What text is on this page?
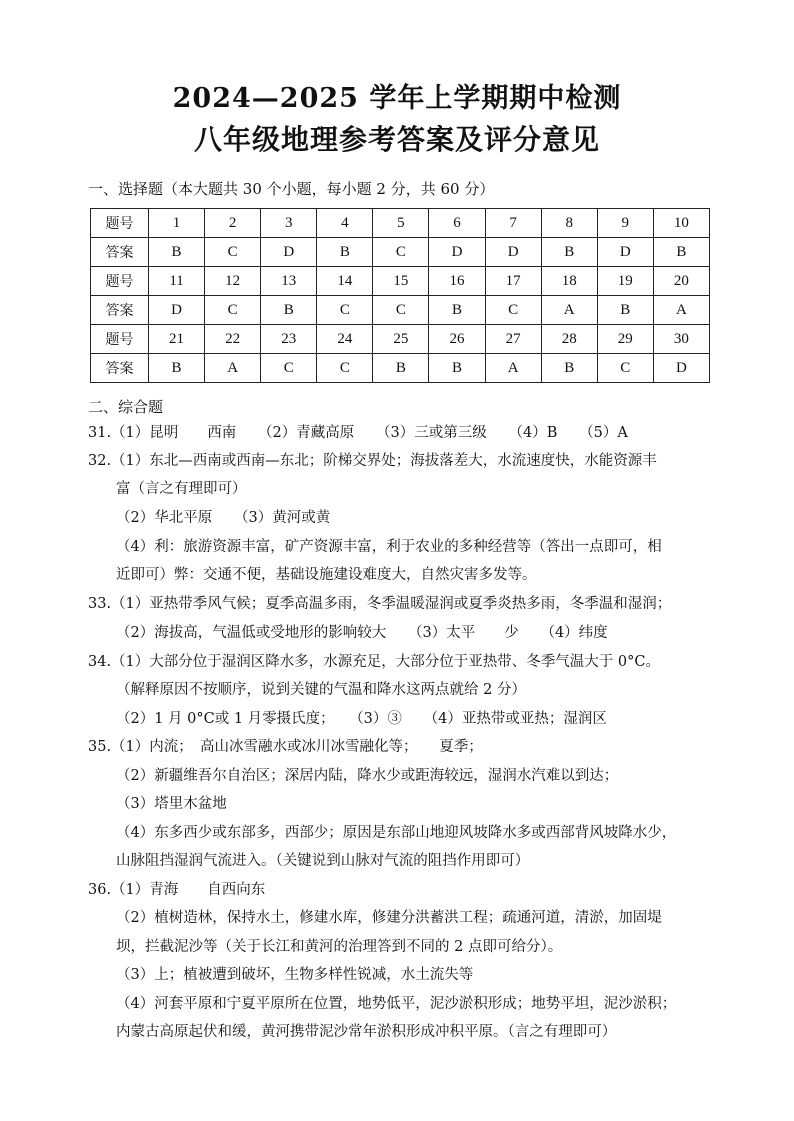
2024—2025 学年上学期期中检测
八年级地理参考答案及评分意见
一、选择题（本大题共 30 个小题，每小题 2 分，共 60 分）
题号	1	2	3	4	5	6	7	8	9	10
答案	B	C	D	B	C	D	D	B	D	B
题号	11	12	13	14	15	16	17	18	19	20
答案	D	C	B	C	C	B	C	A	B	A
题号	21	22	23	24	25	26	27	28	29	30
答案	B	A	C	C	B	B	A	B	C	D
二、综合题
31.（1）昆明　　西南　　（2）青藏高原　　（3）三或第三级　　（4）B　　（5）A
32.（1）东北—西南或西南—东北；阶梯交界处；海拔落差大，水流速度快，水能资源丰
富（言之有理即可）
（2）华北平原　　（3）黄河或黄
（4）利：旅游资源丰富，矿产资源丰富，利于农业的多种经营等（答出一点即可，相
近即可）弊：交通不便，基础设施建设难度大，自然灾害多发等。
33.（1）亚热带季风气候；夏季高温多雨，冬季温暖湿润或夏季炎热多雨，冬季温和湿润；
（2）海拔高，气温低或受地形的影响较大　　（3）太平　　少　　（4）纬度
34.（1）大部分位于湿润区降水多，水源充足，大部分位于亚热带、冬季气温大于 0°C。
（解释原因不按顺序，说到关键的气温和降水这两点就给 2 分）
（2）1 月 0°C或 1 月零摄氏度；　　（3）③　　（4）亚热带或亚热；湿润区
35.（1）内流；　高山冰雪融水或冰川冰雪融化等；　　夏季；
（2）新疆维吾尔自治区；深居内陆，降水少或距海较远，湿润水汽难以到达；
（3）塔里木盆地
（4）东多西少或东部多，西部少；原因是东部山地迎风坡降水多或西部背风坡降水少，
山脉阻挡湿润气流进入。（关键说到山脉对气流的阻挡作用即可）
36.（1）青海　　自西向东
（2）植树造林，保持水土，修建水库，修建分洪蓄洪工程；疏通河道，清淤，加固堤
坝，拦截泥沙等（关于长江和黄河的治理答到不同的 2 点即可给分）。
（3）上；植被遭到破坏，生物多样性锐减，水土流失等
（4）河套平原和宁夏平原所在位置，地势低平，泥沙淤积形成；地势平坦，泥沙淤积；
内蒙古高原起伏和缓，黄河携带泥沙常年淤积形成冲积平原。（言之有理即可）
